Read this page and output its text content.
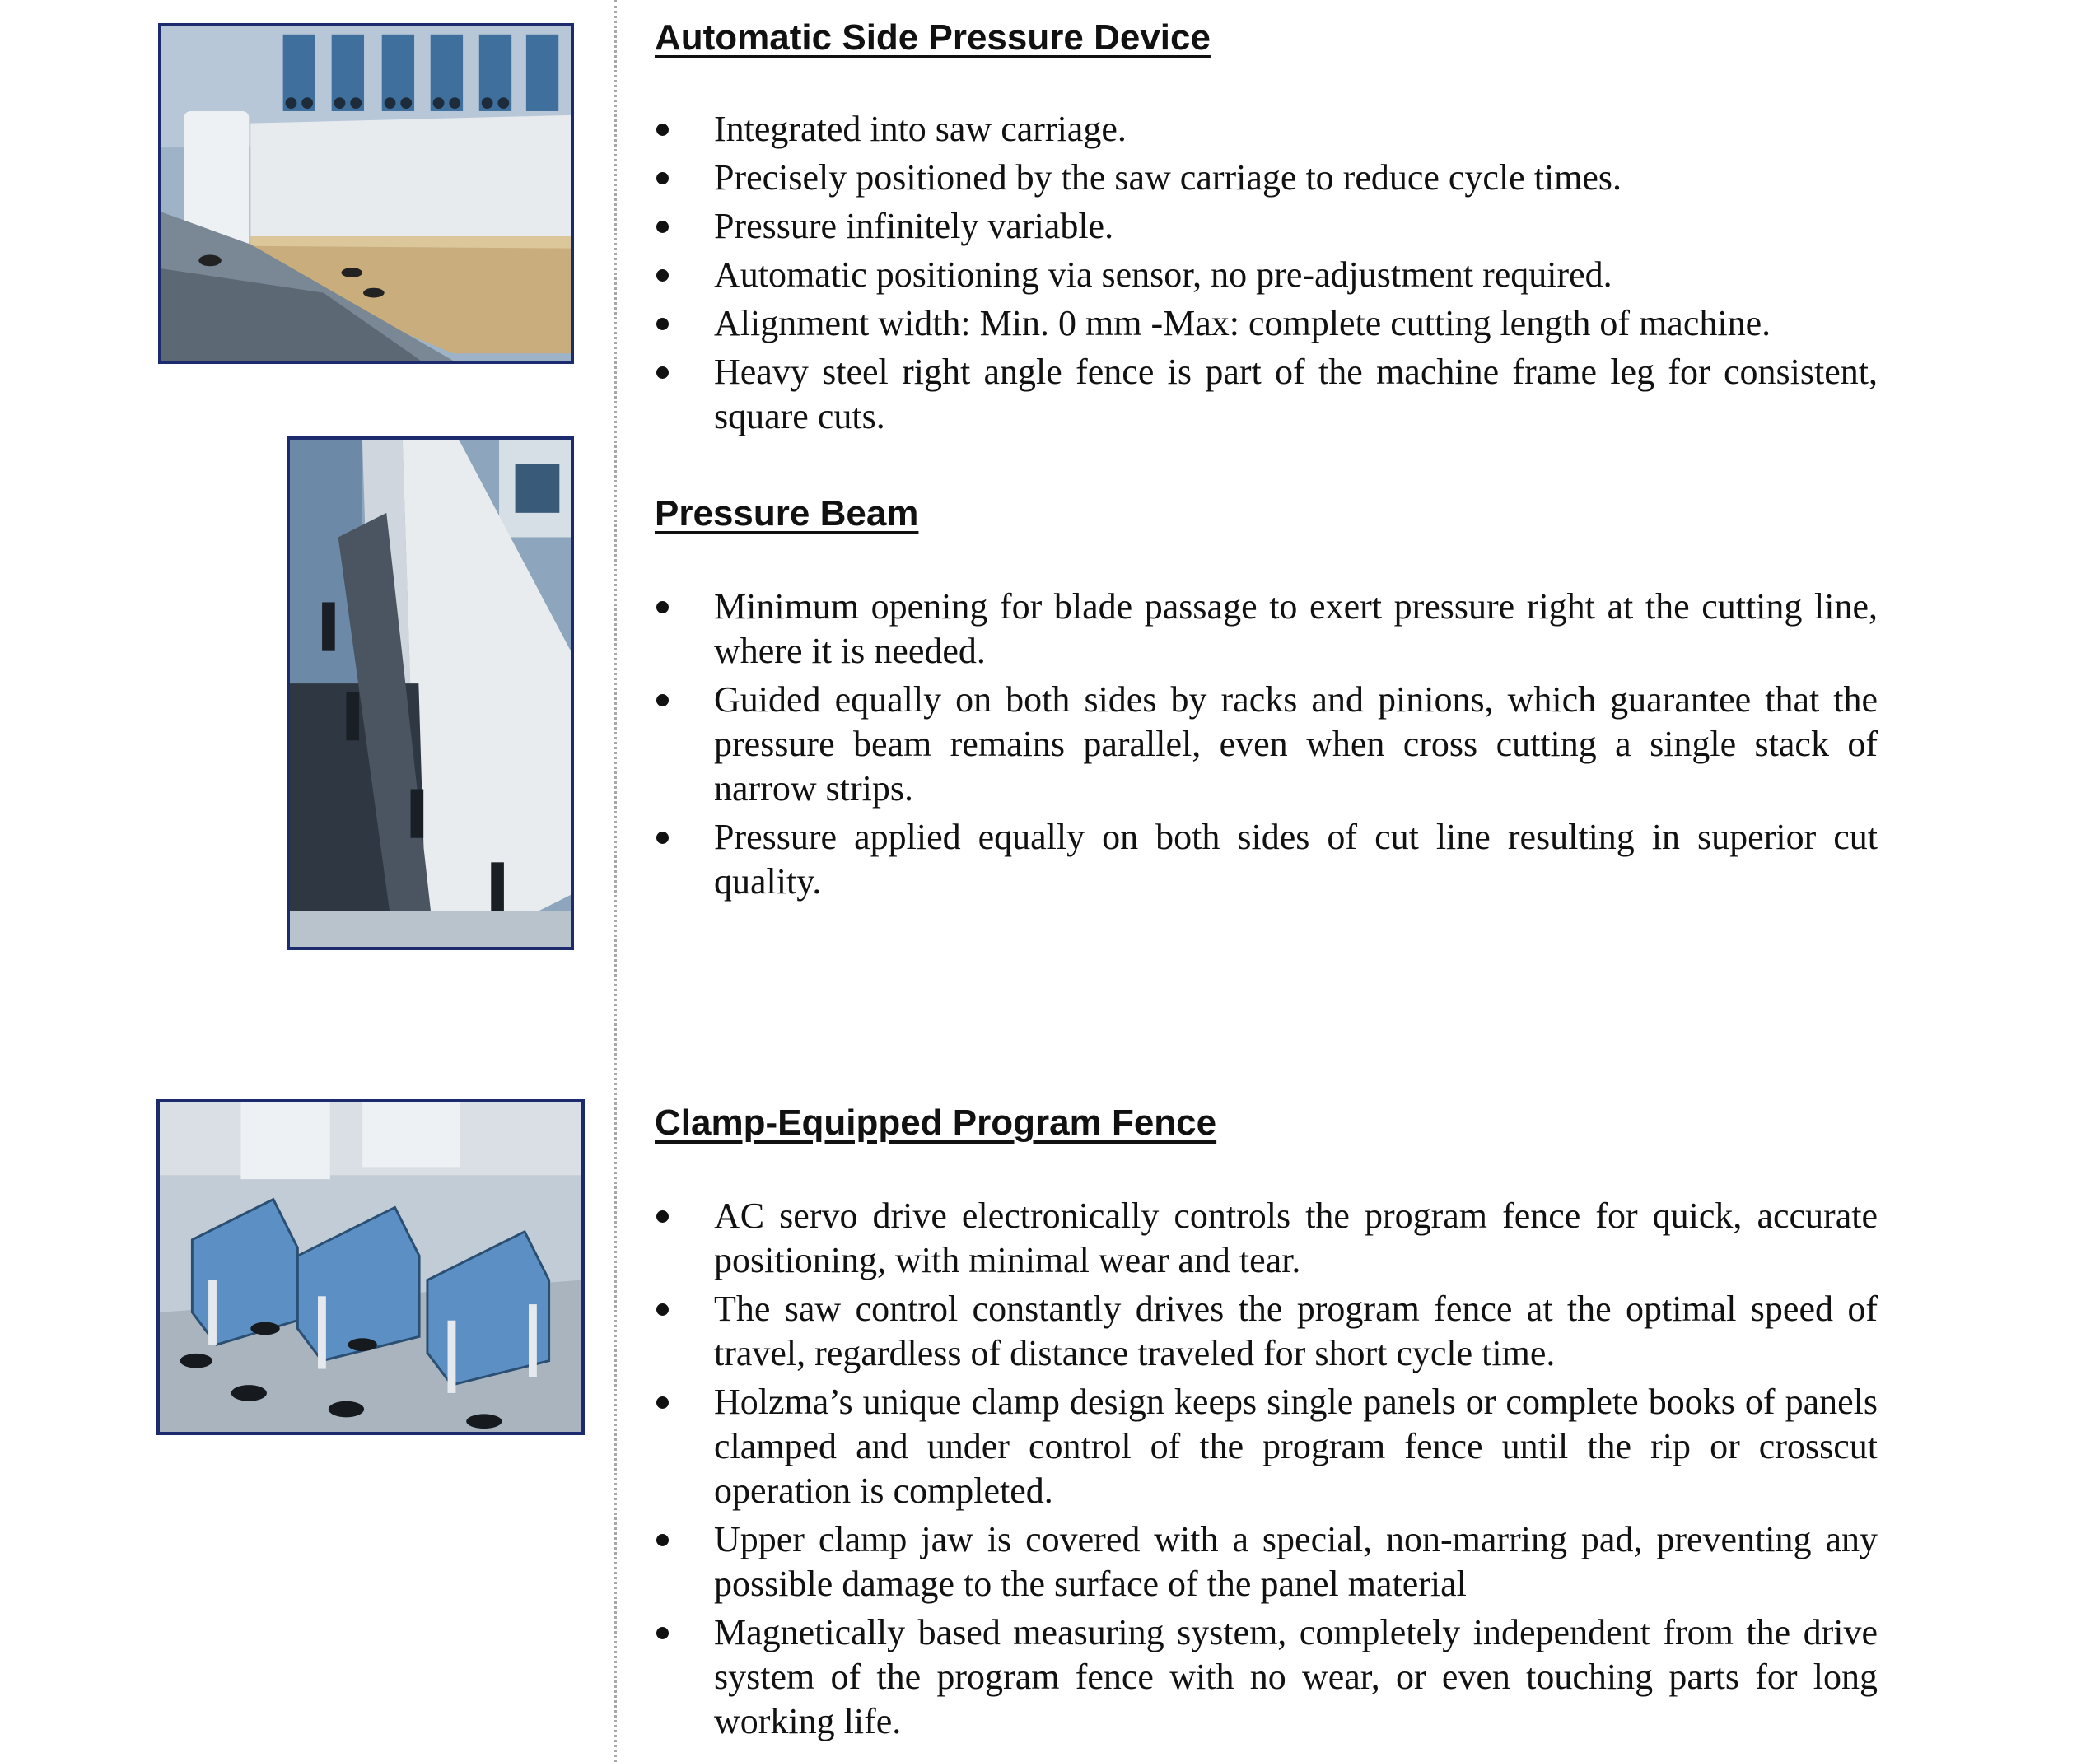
Automatic Side Pressure Device
Integrated into saw carriage.
Precisely positioned by the saw carriage to reduce cycle times.
Pressure infinitely variable.
Automatic positioning via sensor, no pre-adjustment required.
Alignment width: Min. 0 mm -Max: complete cutting length of machine.
Heavy steel right angle fence is part of the machine frame leg for consistent, square cuts.
Pressure Beam
Minimum opening for blade passage to exert pressure right at the cutting line, where it is needed.
Guided equally on both sides by racks and pinions, which guarantee that the pressure beam remains parallel, even when cross cutting a single stack of narrow strips.
Pressure applied equally on both sides of cut line resulting in superior cut quality.
Clamp-Equipped Program Fence
AC servo drive electronically controls the program fence for quick, accurate positioning, with minimal wear and tear.
The saw control constantly drives the program fence at the optimal speed of travel, regardless of distance traveled for short cycle time.
Holzma’s unique clamp design keeps single panels or complete books of panels clamped and under control of the program fence until the rip or crosscut operation is completed.
Upper clamp jaw is covered with a special, non-marring pad, preventing any possible damage to the surface of the panel material
Magnetically based measuring system, completely independent from the drive system of the program fence with no wear, or even touching parts for long working life.
